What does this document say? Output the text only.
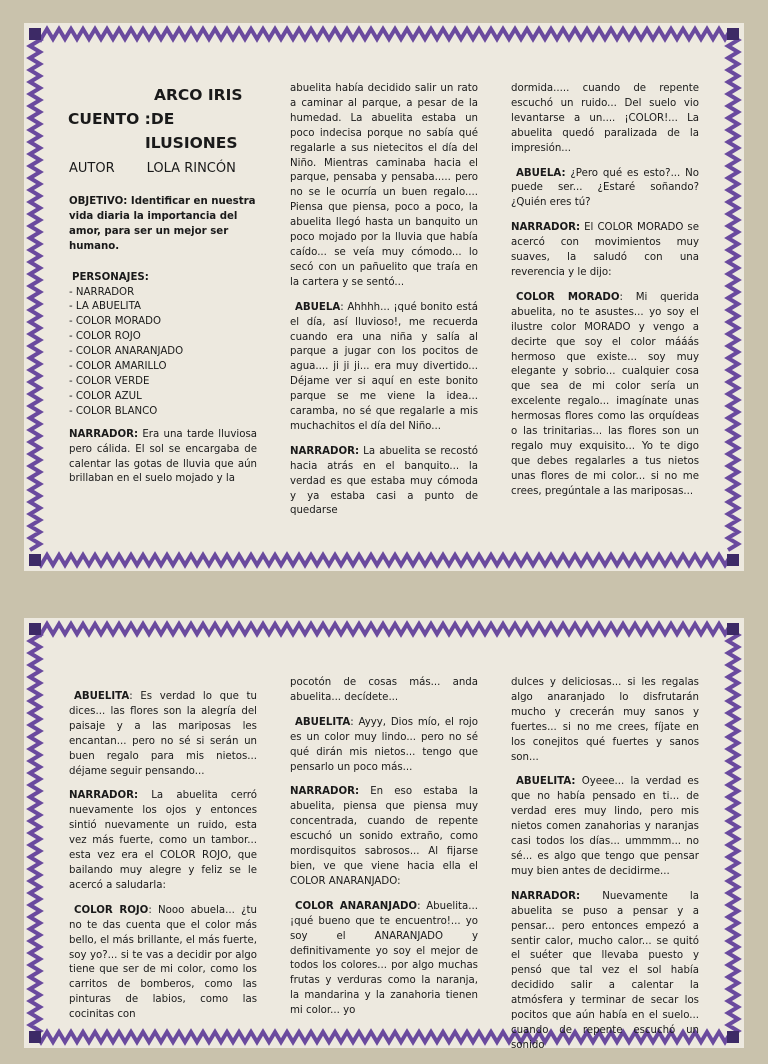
ARCO IRIS
CUENTO :DE
ILUSIONES
AUTOR LOLA RINCÓN

OBJETIVO: Identificar en nuestra vida diaria la importancia del amor, para ser un mejor ser humano.

PERSONAJES:
- NARRADOR
- LA ABUELITA
- COLOR MORADO
- COLOR ROJO
- COLOR ANARANJADO
- COLOR AMARILLO
- COLOR VERDE
- COLOR AZUL
- COLOR BLANCO

NARRADOR: Era una tarde lluviosa pero cálida. El sol se encargaba de calentar las gotas de lluvia que aún brillaban en el suelo mojado y la

abuelita había decidido salir un rato a caminar al parque, a pesar de la humedad. La abuelita estaba un poco indecisa porque no sabía qué regalarle a sus nietecitos el día del Niño. Mientras caminaba hacia el parque, pensaba y pensaba..... pero no se le ocurría un buen regalo.... Piensa que piensa, poco a poco, la abuelita llegó hasta un banquito un poco mojado por la lluvia que había caído... se veía muy cómodo... lo secó con un pañuelito que traía en la cartera y se sentó...

ABUELA: Ahhhh... ¡qué bonito está el día, así lluvioso!, me recuerda cuando era una niña y salía al parque a jugar con los pocitos de agua.... ji ji ji... era muy divertido... Déjame ver si aquí en este bonito parque se me viene la idea... caramba, no sé que regalarle a mis muchachitos el día del Niño...

NARRADOR: La abuelita se recostó hacia atrás en el banquito... la verdad es que estaba muy cómoda y ya estaba casi a punto de quedarse

dormida..... cuando de repente escuchó un ruido... Del suelo vio levantarse a un.... ¡COLOR!... La abuelita quedó paralizada de la impresión...

ABUELA: ¿Pero qué es esto?... No puede ser... ¿Estaré soñando? ¿Quién eres tú?

NARRADOR: El COLOR MORADO se acercó con movimientos muy suaves, la saludó con una reverencia y le dijo:

COLOR MORADO: Mi querida abuelita, no te asustes... yo soy el ilustre color MORADO y vengo a decirte que soy el color mááás hermoso que existe... soy muy elegante y sobrio... cualquier cosa que sea de mi color sería un excelente regalo... imagínate unas hermosas flores como las orquídeas o las trinitarias... las flores son un regalo muy exquisito... Yo te digo que debes regalarles a tus nietos unas flores de mi color... si no me crees, pregúntale a las mariposas...

ABUELITA: Es verdad lo que tu dices... las flores son la alegría del paisaje y a las mariposas les encantan... pero no sé si serán un buen regalo para mis nietos... déjame seguir pensando...

NARRADOR: La abuelita cerró nuevamente los ojos y entonces sintió nuevamente un ruido, esta vez más fuerte, como un tambor... esta vez era el COLOR ROJO, que bailando muy alegre y feliz se le acercó a saludarla:

COLOR ROJO: Nooo abuela... ¿tu no te das cuenta que el color más bello, el más brillante, el más fuerte, soy yo?... si te vas a decidir por algo tiene que ser de mi color, como los carritos de bomberos, como las pinturas de labios, como las cocinitas con

pocotón de cosas más... anda abuelita... decídete...

ABUELITA: Ayyy, Dios mío, el rojo es un color muy lindo... pero no sé qué dirán mis nietos... tengo que pensarlo un poco más...

NARRADOR: En eso estaba la abuelita, piensa que piensa muy concentrada, cuando de repente escuchó un sonido extraño, como mordisquitos sabrosos... Al fijarse bien, ve que viene hacia ella el COLOR ANARANJADO:

COLOR ANARANJADO: Abuelita... ¡qué bueno que te encuentro!... yo soy el ANARANJADO y definitivamente yo soy el mejor de todos los colores... por algo muchas frutas y verduras como la naranja, la mandarina y la zanahoria tienen mi color... yo

dulces y deliciosas... si les regalas algo anaranjado lo disfrutarán mucho y crecerán muy sanos y fuertes... si no me crees, fíjate en los conejitos qué fuertes y sanos son...

ABUELITA: Oyeee... la verdad es que no había pensado en ti... de verdad eres muy lindo, pero mis nietos comen zanahorias y naranjas casi todos los días... ummmm... no sé... es algo que tengo que pensar muy bien antes de decidirme...

NARRADOR: Nuevamente la abuelita se puso a pensar y a pensar... pero entonces empezó a sentir calor, mucho calor... se quitó el suéter que llevaba puesto y pensó que tal vez el sol había decidido salir a calentar la atmósfera y terminar de secar los pocitos que aún había en el suelo... cuando de repente escuchó un sonido
